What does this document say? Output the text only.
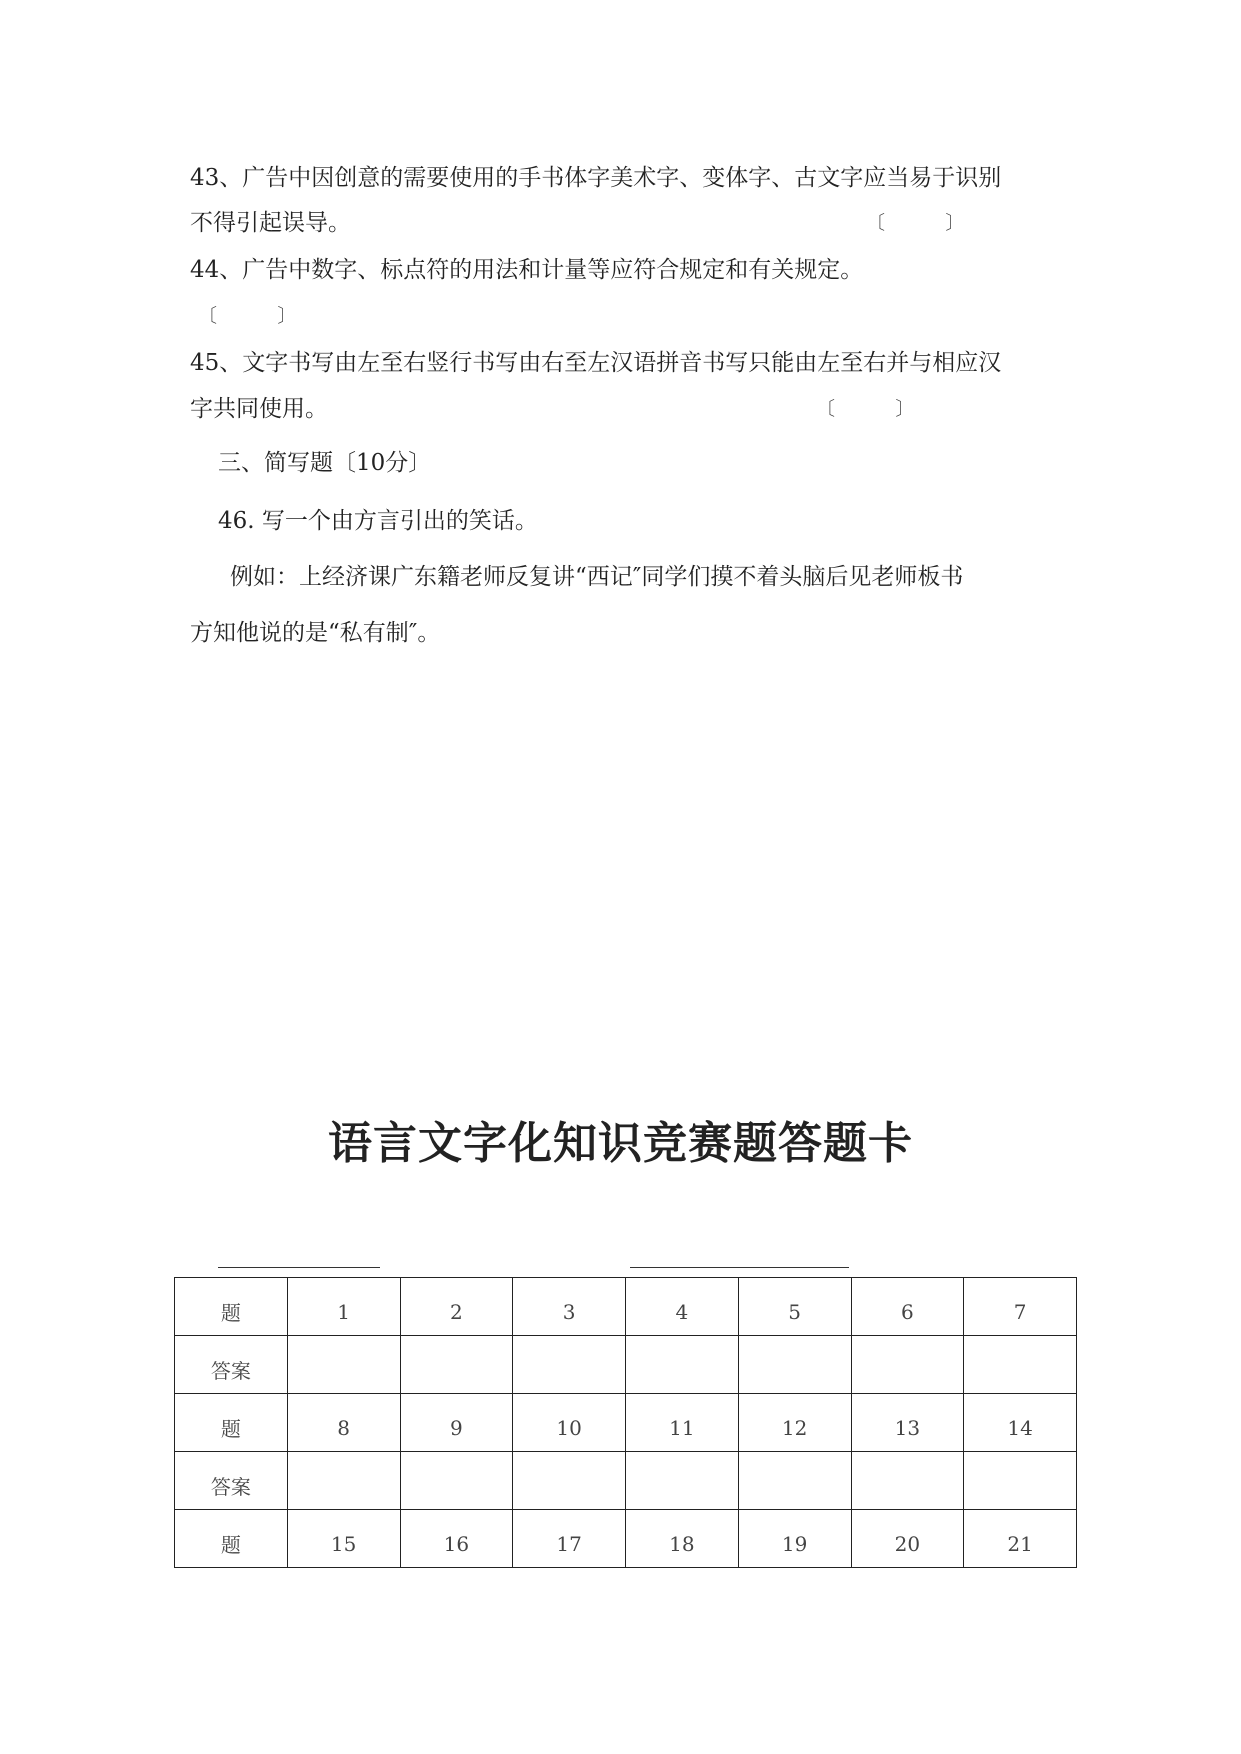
43、广告中因创意的需要使用的手书体字美术字、变体字、古文字应当易于识别
不得引起误导。	〔          〕
44、广告中数字、标点符的用法和计量等应符合规定和有关规定。
〔          〕
45、文字书写由左至右竖行书写由右至左汉语拼音书写只能由左至右并与相应汉
字共同使用。	〔          〕
三、简写题〔10分〕
46. 写一个由方言引出的笑话。
例如：上经济课广东籍老师反复讲“西记″同学们摸不着头脑后见老师板书
方知他说的是“私有制″。
语言文字化知识竞赛题答题卡
题	1	2	3	4	5	6	7
答案							
题	8	9	10	11	12	13	14
答案							
题	15	16	17	18	19	20	21
